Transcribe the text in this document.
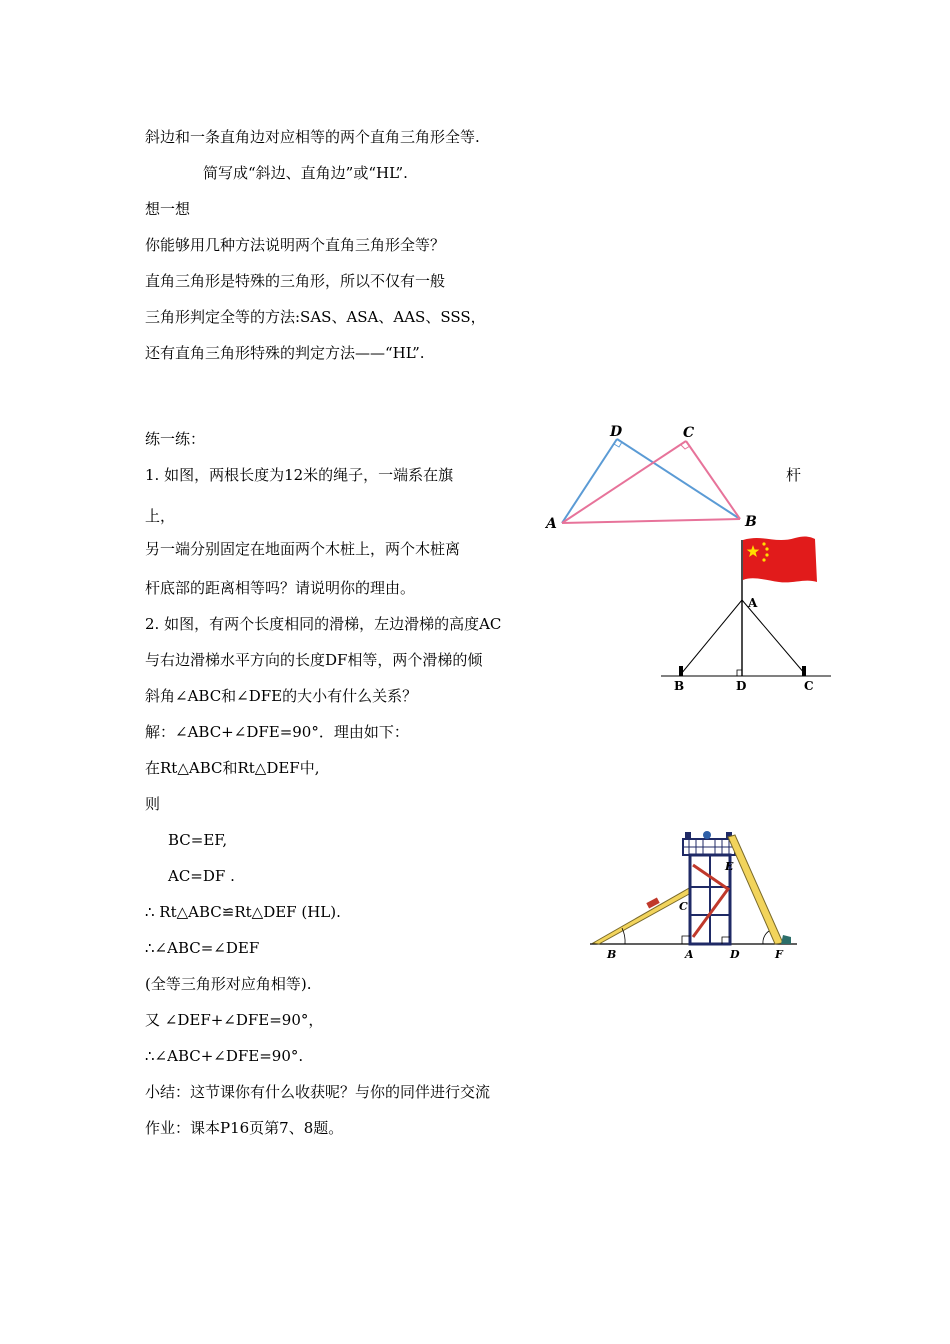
斜边和一条直角边对应相等的两个直角三角形全等.
简写成“斜边、直角边”或“HL”.
想一想
你能够用几种方法说明两个直角三角形全等？
直角三角形是特殊的三角形，所以不仅有一般
三角形判定全等的方法:SAS、ASA、AAS、SSS，
还有直角三角形特殊的判定方法——“HL”.
练一练：
1. 如图，两根长度为12米的绳子，一端系在旗	杆
上，
另一端分别固定在地面两个木桩上，两个木桩离
杆底部的距离相等吗？请说明你的理由。
2. 如图，有两个长度相同的滑梯，左边滑梯的高度AC
与右边滑梯水平方向的长度DF相等，两个滑梯的倾
斜角∠ABC和∠DFE的大小有什么关系？
解：∠ABC+∠DFE=90°．理由如下：
在Rt△ABC和Rt△DEF中,
则
BC=EF,
AC=DF .
∴ Rt△ABC≌Rt△DEF (HL).
∴∠ABC=∠DEF
(全等三角形对应角相等).
又 ∠DEF+∠DFE=90°，
∴∠ABC+∠DFE=90°.
小结：这节课你有什么收获呢？与你的同伴进行交流
作业：课本P16页第7、8题。
D	C
A	B
A
B	D	C
E
C
B	A	D	F
